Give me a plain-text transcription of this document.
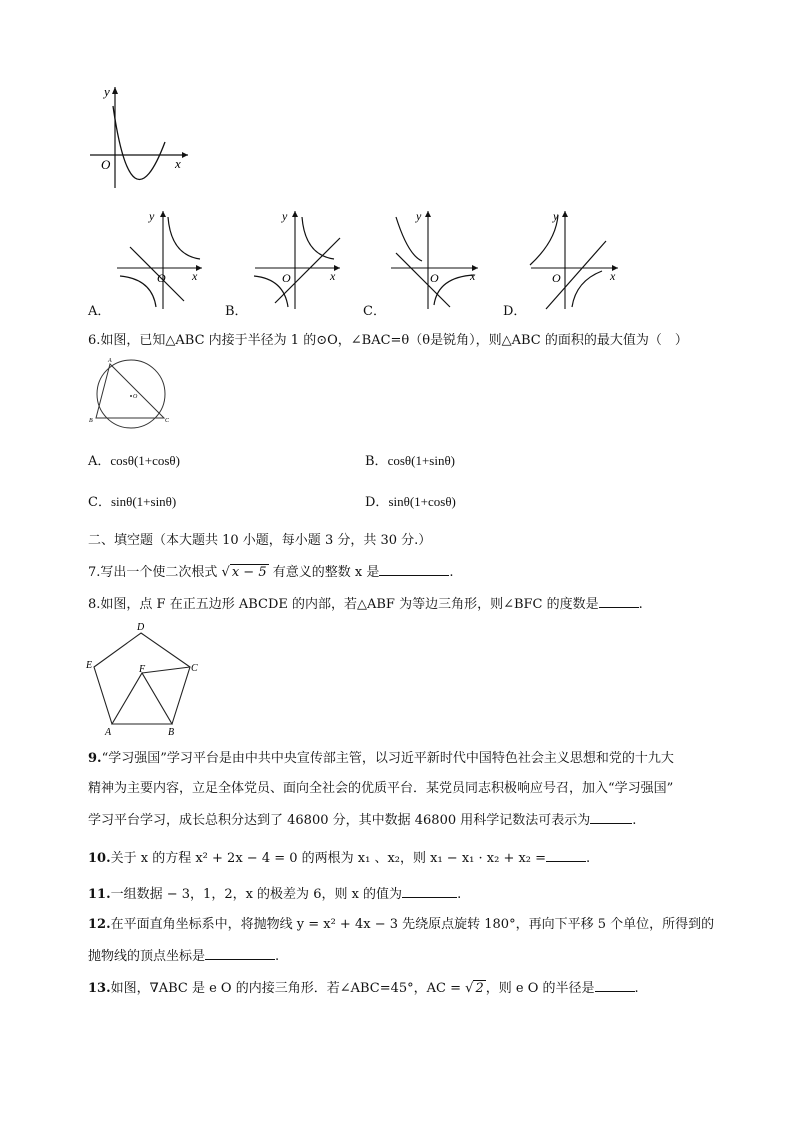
y
x
O
y
x
O
A．
y
x
O
B．
y
x
O
C．
y
x
O
D．
6.如图，已知△ABC 内接于半径为 1 的⊙O，∠BAC=θ（θ是锐角），则△ABC 的面积的最大值为（　）
A
B	C
O
A．cosθ(1+cosθ)	B．cosθ(1+sinθ)
C．sinθ(1+sinθ)	D．sinθ(1+cosθ)
二、填空题（本大题共 10 小题，每小题 3 分，共 30 分.）
7.写出一个使二次根式 √ x − 5 有意义的整数 x 是	.
8.如图，点 F 在正五边形 ABCDE 的内部，若△ABF 为等边三角形，则∠BFC 的度数是	.
D
E	C
F
A	B
9.“学习强国”学习平台是由中共中央宣传部主管，以习近平新时代中国特色社会主义思想和党的十九大
精神为主要内容，立足全体党员、面向全社会的优质平台．某党员同志积极响应号召，加入“学习强国”
学习平台学习，成长总积分达到了 46800 分，其中数据 46800 用科学记数法可表示为	.
10.关于 x 的方程 x² + 2x − 4 = 0 的两根为 x₁ 、x₂，则 x₁ − x₁ · x₂ + x₂ =	.
11.一组数据 − 3，1，2，x 的极差为 6，则 x 的值为	.
12.在平面直角坐标系中，将抛物线 y = x² + 4x − 3 先绕原点旋转 180°，再向下平移 5 个单位，所得到的
抛物线的顶点坐标是	.
13.如图，∇ABC 是 e O 的内接三角形．若∠ABC=45°，AC = √ 2 ，则 e O 的半径是	.
